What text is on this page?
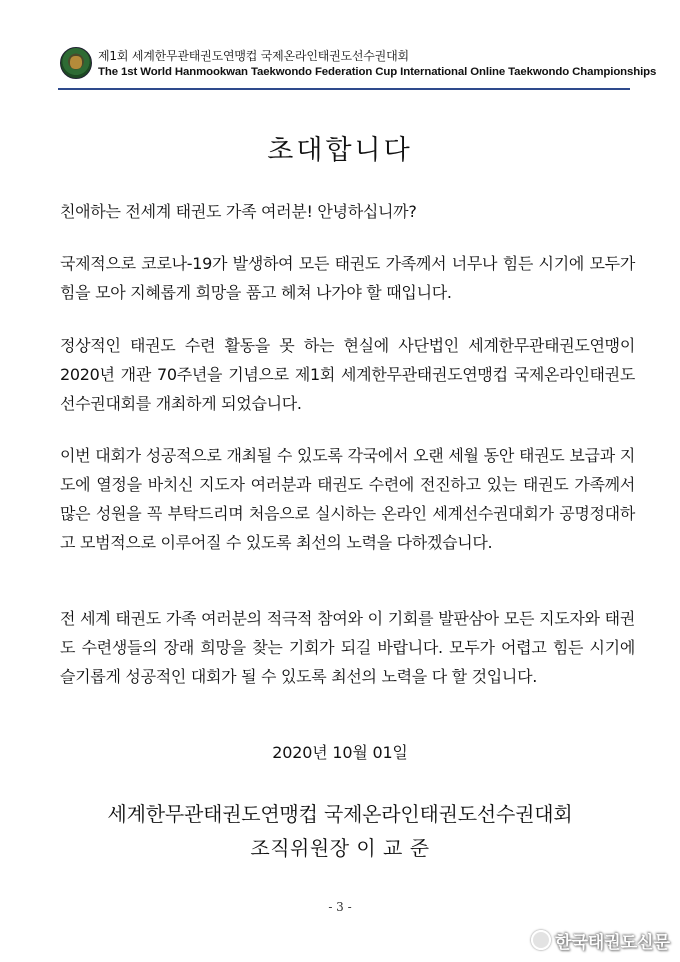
제1회 세계한무관태권도연맹컵 국제온라인태권도선수권대회
The 1st World Hanmookwan Taekwondo Federation Cup International Online Taekwondo Championships
초대합니다
친애하는 전세계 태권도 가족 여러분! 안녕하십니까?
국제적으로 코로나-19가 발생하여 모든 태권도 가족께서 너무나 힘든 시기에 모두가 힘을 모아 지혜롭게 희망을 품고 헤쳐 나가야 할 때입니다.
정상적인 태권도 수련 활동을 못 하는 현실에 사단법인 세계한무관태권도연맹이 2020년 개관 70주년을 기념으로 제1회 세계한무관태권도연맹컵 국제온라인태권도선수권대회를 개최하게 되었습니다.
이번 대회가 성공적으로 개최될 수 있도록 각국에서 오랜 세월 동안 태권도 보급과 지도에 열정을 바치신 지도자 여러분과 태권도 수련에 전진하고 있는 태권도 가족께서 많은 성원을 꼭 부탁드리며 처음으로 실시하는 온라인 세계선수권대회가 공명정대하고 모범적으로 이루어질 수 있도록 최선의 노력을 다하겠습니다.
전 세계 태권도 가족 여러분의 적극적 참여와 이 기회를 발판삼아 모든 지도자와 태권도 수련생들의 장래 희망을 찾는 기회가 되길 바랍니다. 모두가 어렵고 힘든 시기에 슬기롭게 성공적인 대회가 될 수 있도록 최선의 노력을 다 할 것입니다.
2020년 10월 01일
세계한무관태권도연맹컵 국제온라인태권도선수권대회
조직위원장 이 교 준
- 3 -
한국태권도신문
